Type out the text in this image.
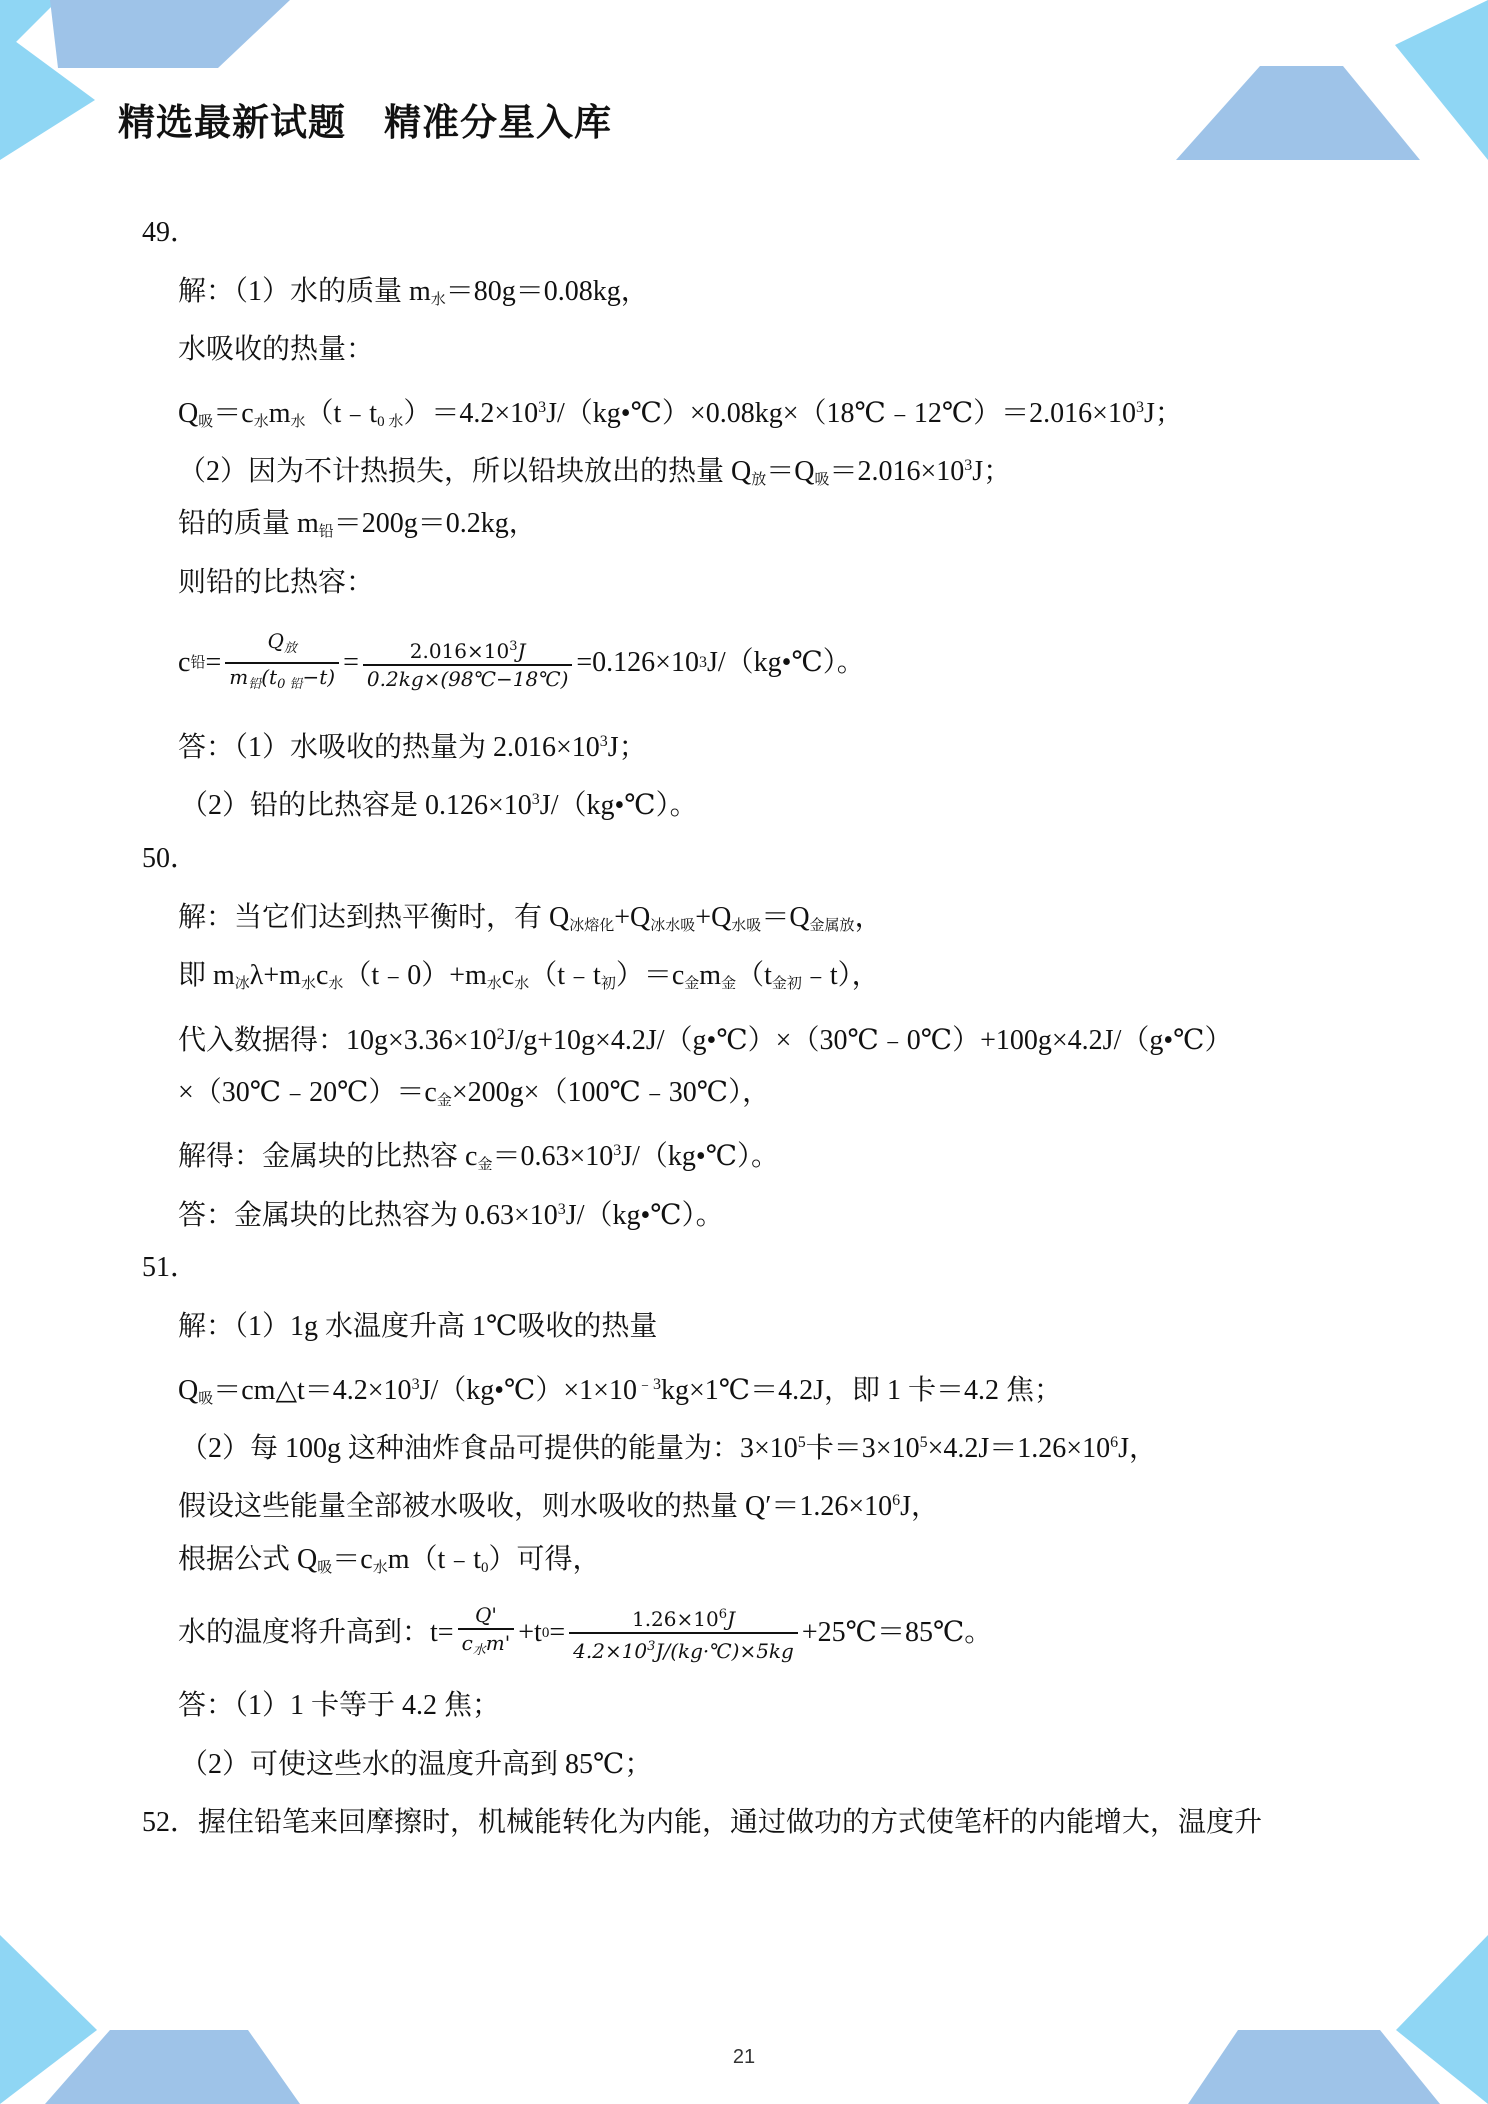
精选最新试题　精准分星入库
49．
解：（1）水的质量 $m_水=80g=0.08kg$，
水吸收的热量：
$Q_吸=c_水m_水(t﹣t_{0 水})=4.2\times 10^3J/(kg•℃)\times 0.08kg\times(18℃﹣12℃)=2.016\times 10^3J$；
（2）因为不计热损失，所以铅块放出的热量 $Q_放=Q_吸=2.016\times 10^3J$；
铅的质量 $m_铅=200g=0.2kg$，
则铅的比热容：
c 铅 = $\frac{Q_放}{m_铅(t_{0 铅}-t)} = \frac{2.016\times 10^3J}{0.2kg\times(98℃-18℃)} =0.126\times 10$ 3 J/（kg•℃）。
答：（1）水吸收的热量为 $2.016\times 10^3J$；
（2）铅的比热容是 $0.126\times 10^3J/(kg•℃)$。
50．
解：当它们达到热平衡时，有 $Q_{冰熔化}+Q_{冰水吸}+Q_{水吸}=Q_{金属放}$，
即 $m_冰\lambda+m_水c_水(t﹣0)+m_水c_水(t﹣t_初)=c_金m_金(t_{金初}﹣t)$，
代入数据得：$10g\times 3.36\times 10^2J/g+10g\times 4.2J/(g•℃)\times(30℃﹣0℃)+100g\times 4.2J/(g•℃)$
$\times(30℃﹣20℃)=c_金\times 200g\times(100℃﹣30℃)$，
解得：金属块的比热容 $c_金=0.63\times 10^3J/(kg•℃)$。
答：金属块的比热容为 $0.63\times 10^3J/(kg•℃)$。
51．
解：（1）1g 水温度升高 1℃吸收的热量
$Q_吸=cm\triangle t=4.2\times 10^3J/(kg•℃)\times 1\times 10^{﹣3}kg\times 1℃=4.2J$，即 1 卡＝4.2 焦；
（2）每 100g 这种油炸食品可提供的能量为：$3\times 10^5$卡$=3\times 10^5\times 4.2J=1.26\times 10^6J$，
假设这些能量全部被水吸收，则水吸收的热量 $Q'=1.26\times 10^6J$，
根据公式 $Q_吸=c_水m(t﹣t_0)$可得，
水的温度将升高到：$t= \frac{Q'}{c_水m'} +t$ $0 = \frac{1.26\times 10^6J}{4.2\times 10^3J/(kg\cdot℃)\times 5kg}$ +25℃＝85℃。
答：（1）1 卡等于 4.2 焦；
（2）可使这些水的温度升高到 85℃；
52．握住铅笔来回摩擦时，机械能转化为内能，通过做功的方式使笔杆的内能增大，温度升
21
